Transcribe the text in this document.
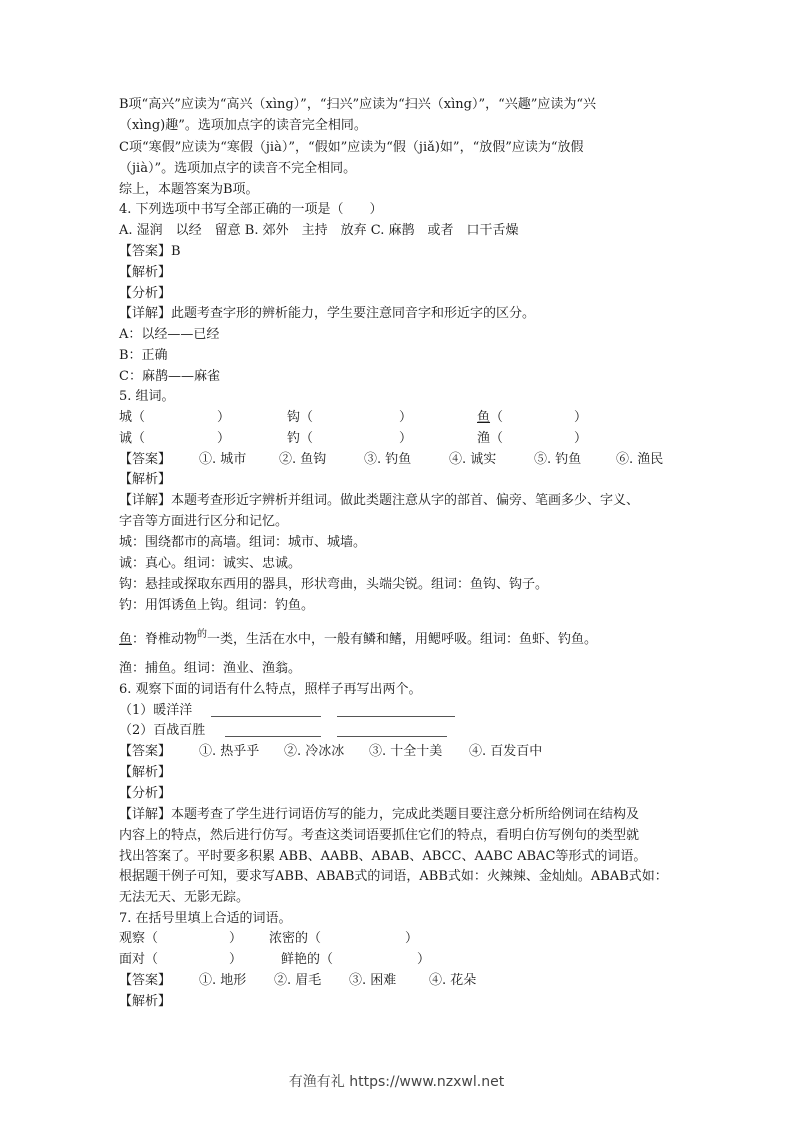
B项“高兴”应读为“高兴（xìng）”，“扫兴”应读为“扫兴（xìng）”，“兴趣”应读为“兴
（xìng)趣”。选项加点字的读音完全相同。
C项“寒假”应读为“寒假（jià）”，“假如”应读为“假（jiǎ)如”，“放假”应读为“放假
（jià）”。选项加点字的读音不完全相同。
综上，本题答案为B项。
4. 下列选项中书写全部正确的一项是（　　）
A. 湿润　以经　留意 B. 郊外　主持　放弃 C. 麻鹊　或者　口干舌燥
【答案】B
【解析】
【分析】
【详解】此题考查字形的辨析能力，学生要注意同音字和形近字的区分。
A：以经——已经
B：正确
C：麻鹊——麻雀
5. 组词。
城（	）	钩（	）	鱼 （	）
诚（	）	钓（	）	渔（	）
【答案】 ①. 城市	②. 鱼钩	③. 钓鱼	④. 诚实	⑤. 钓鱼	⑥. 渔民
【解析】
【详解】本题考查形近字辨析并组词。做此类题注意从字的部首、偏旁、笔画多少、字义、
字音等方面进行区分和记忆。
城：围绕都市的高墙。组词：城市、城墙。
诚：真心。组词：诚实、忠诚。
钩：悬挂或探取东西用的器具，形状弯曲，头端尖锐。组词：鱼钩、钩子。
钓：用饵诱鱼上钩。组词：钓鱼。
鱼：脊椎动物$^的$一类，生活在水中，一般有鳞和鳍，用鳃呼吸。组词：鱼虾、钓鱼。
渔：捕鱼。组词：渔业、渔翁。
6. 观察下面的词语有什么特点，照样子再写出两个。
（1）暖洋洋
（2）百战百胜
【答案】 ①. 热乎乎 ②. 冷冰冰 ③. 十全十美 ④. 百发百中
【解析】
【分析】
【详解】本题考查了学生进行词语仿写的能力，完成此类题目要注意分析所给例词在结构及
内容上的特点，然后进行仿写。考查这类词语要抓住它们的特点，看明白仿写例句的类型就
找出答案了。平时要多积累 ABB、AABB、ABAB、ABCC、AABC ABAC等形式的词语。
根据题干例子可知，要求写ABB、ABAB式的词语，ABB式如：火辣辣、金灿灿。ABAB式如：
无法无天、无影无踪。
7. 在括号里填上合适的词语。
观察（	） 浓密的（	）
面对（	）	鲜艳的（	）
【答案】 ①. 地形 ②. 眉毛 ③. 困难	④. 花朵
【解析】
有渔有礼 https://www.nzxwl.net
